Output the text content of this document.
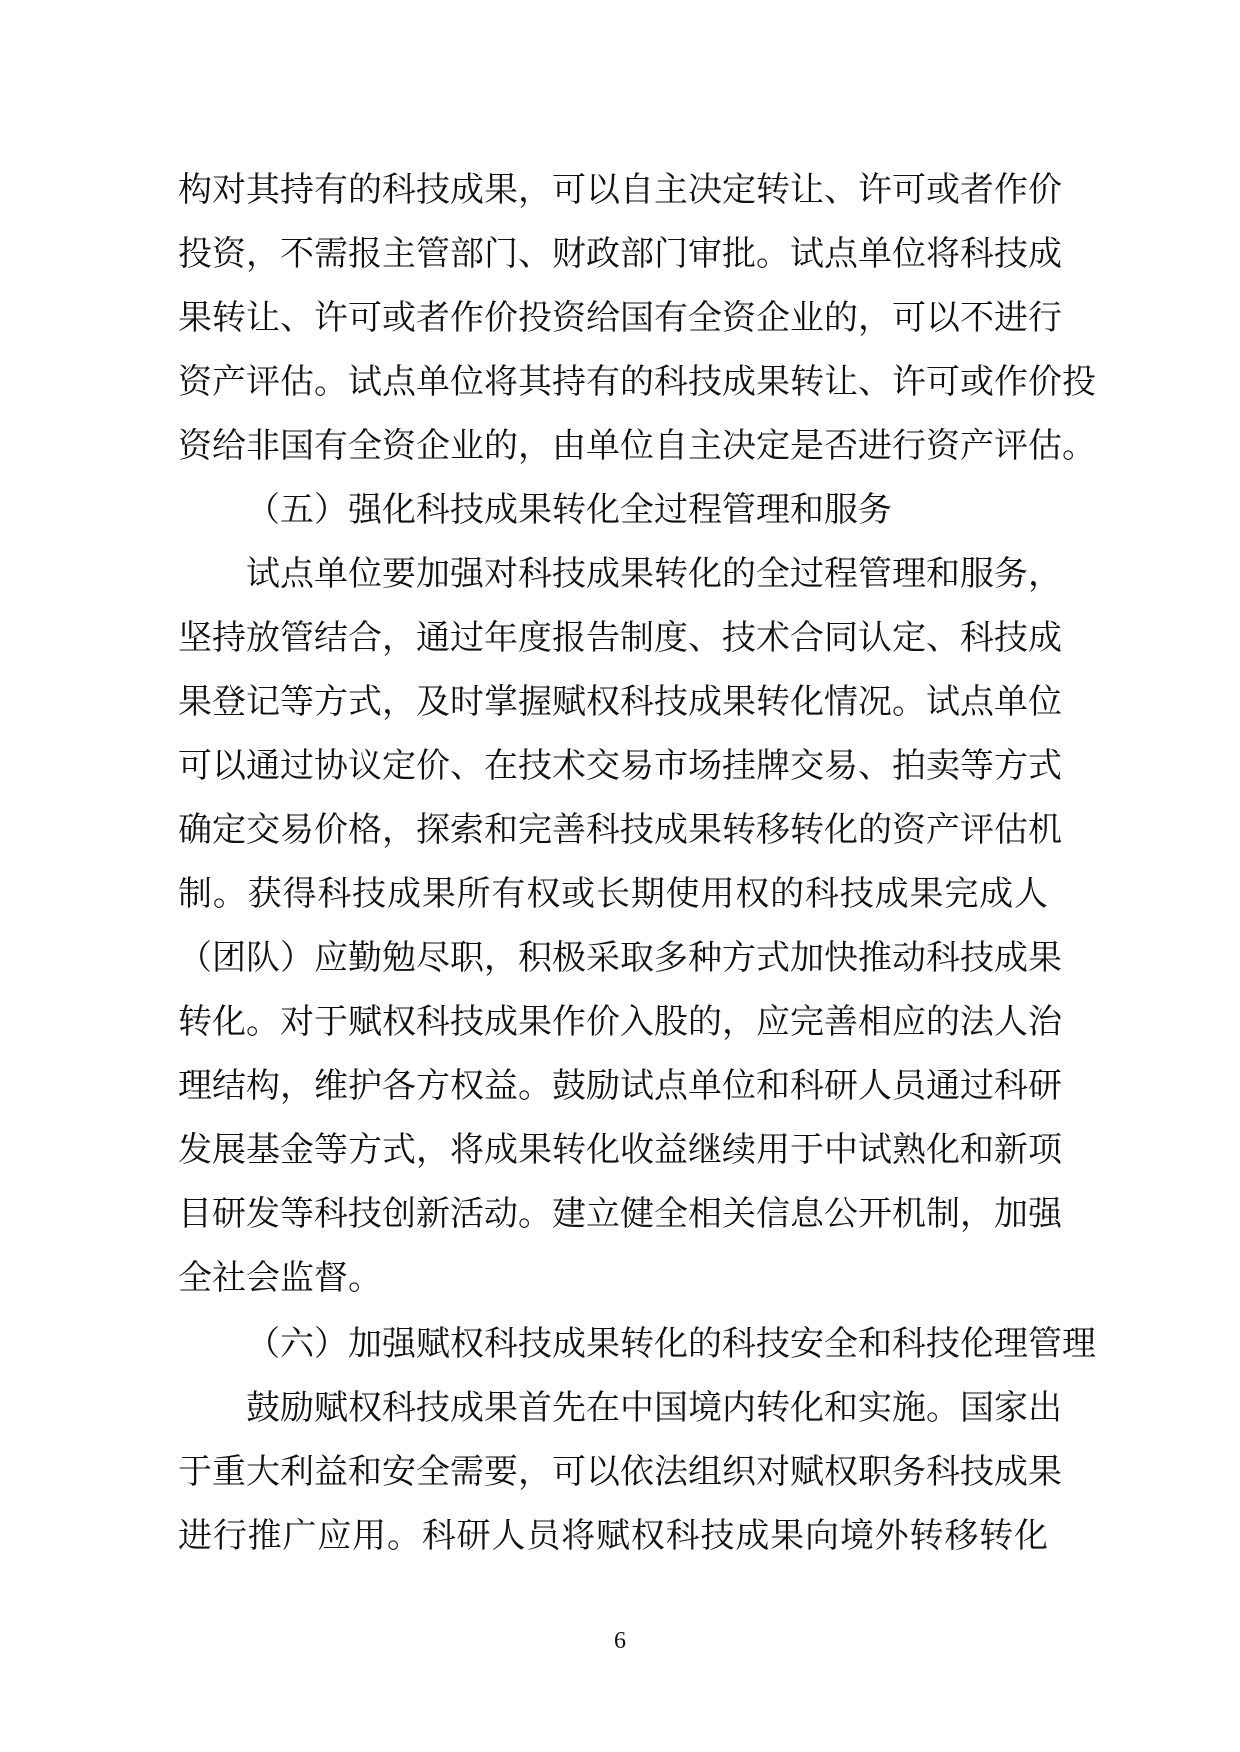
构对其持有的科技成果，可以自主决定转让、许可或者作价
投资，不需报主管部门、财政部门审批。试点单位将科技成
果转让、许可或者作价投资给国有全资企业的，可以不进行
资产评估。试点单位将其持有的科技成果转让、许可或作价投
资给非国有全资企业的，由单位自主决定是否进行资产评估。
（五）强化科技成果转化全过程管理和服务
试点单位要加强对科技成果转化的全过程管理和服务，
坚持放管结合，通过年度报告制度、技术合同认定、科技成
果登记等方式，及时掌握赋权科技成果转化情况。试点单位
可以通过协议定价、在技术交易市场挂牌交易、拍卖等方式
确定交易价格，探索和完善科技成果转移转化的资产评估机
制。获得科技成果所有权或长期使用权的科技成果完成人
（团队）应勤勉尽职，积极采取多种方式加快推动科技成果
转化。对于赋权科技成果作价入股的，应完善相应的法人治
理结构，维护各方权益。鼓励试点单位和科研人员通过科研
发展基金等方式，将成果转化收益继续用于中试熟化和新项
目研发等科技创新活动。建立健全相关信息公开机制，加强
全社会监督。
（六）加强赋权科技成果转化的科技安全和科技伦理管理
鼓励赋权科技成果首先在中国境内转化和实施。国家出
于重大利益和安全需要，可以依法组织对赋权职务科技成果
进行推广应用。科研人员将赋权科技成果向境外转移转化
6
